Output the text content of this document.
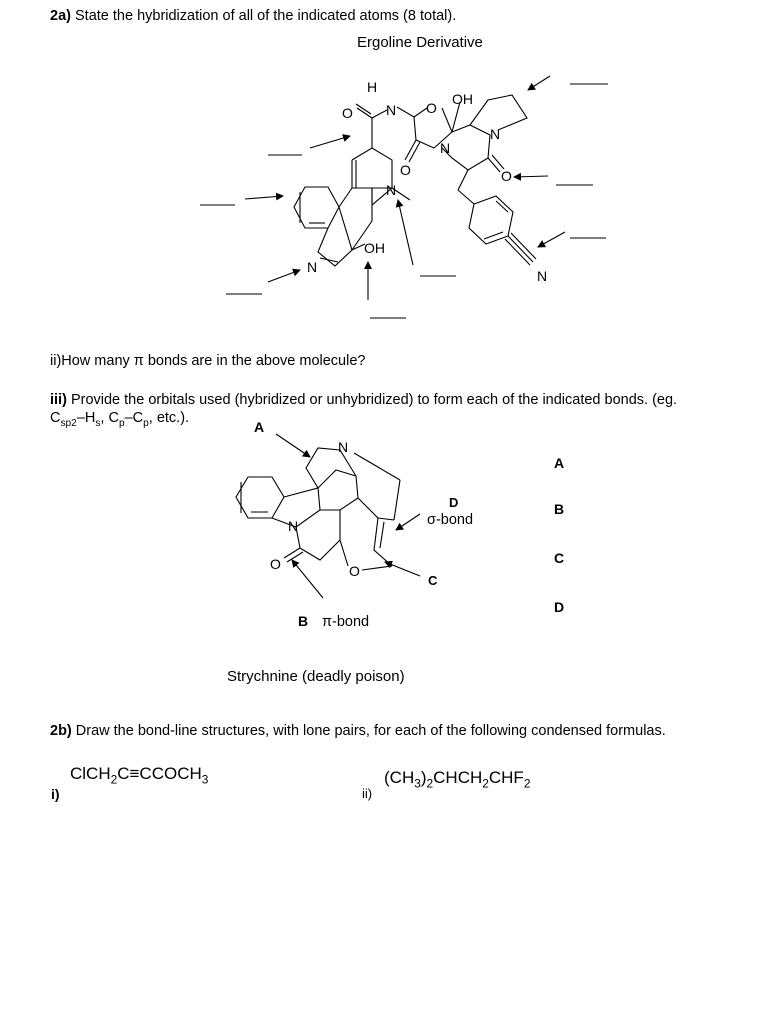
2a) State the hybridization of all of the indicated atoms (8 total).
Ergoline Derivative
H
N
O	O
OH
N
N
O	O
N
N
OH
N
ii)How many π bonds are in the above molecule?
iii) Provide the orbitals used (hybridized or unhybridized) to form each of the indicated bonds. (eg.
$C_{sp2}-H_s$, $C_p-C_p$, etc.).
N
N
O	O
A
D
σ-bond
C
B π-bond
A
B
C
D
Strychnine (deadly poison)
2b) Draw the bond-line structures, with lone pairs, for each of the following condensed formulas.
$ClCH_2C\equiv CCOCH_3$
i)
$(CH_3)_2CHCH_2CHF_2$
ii)
